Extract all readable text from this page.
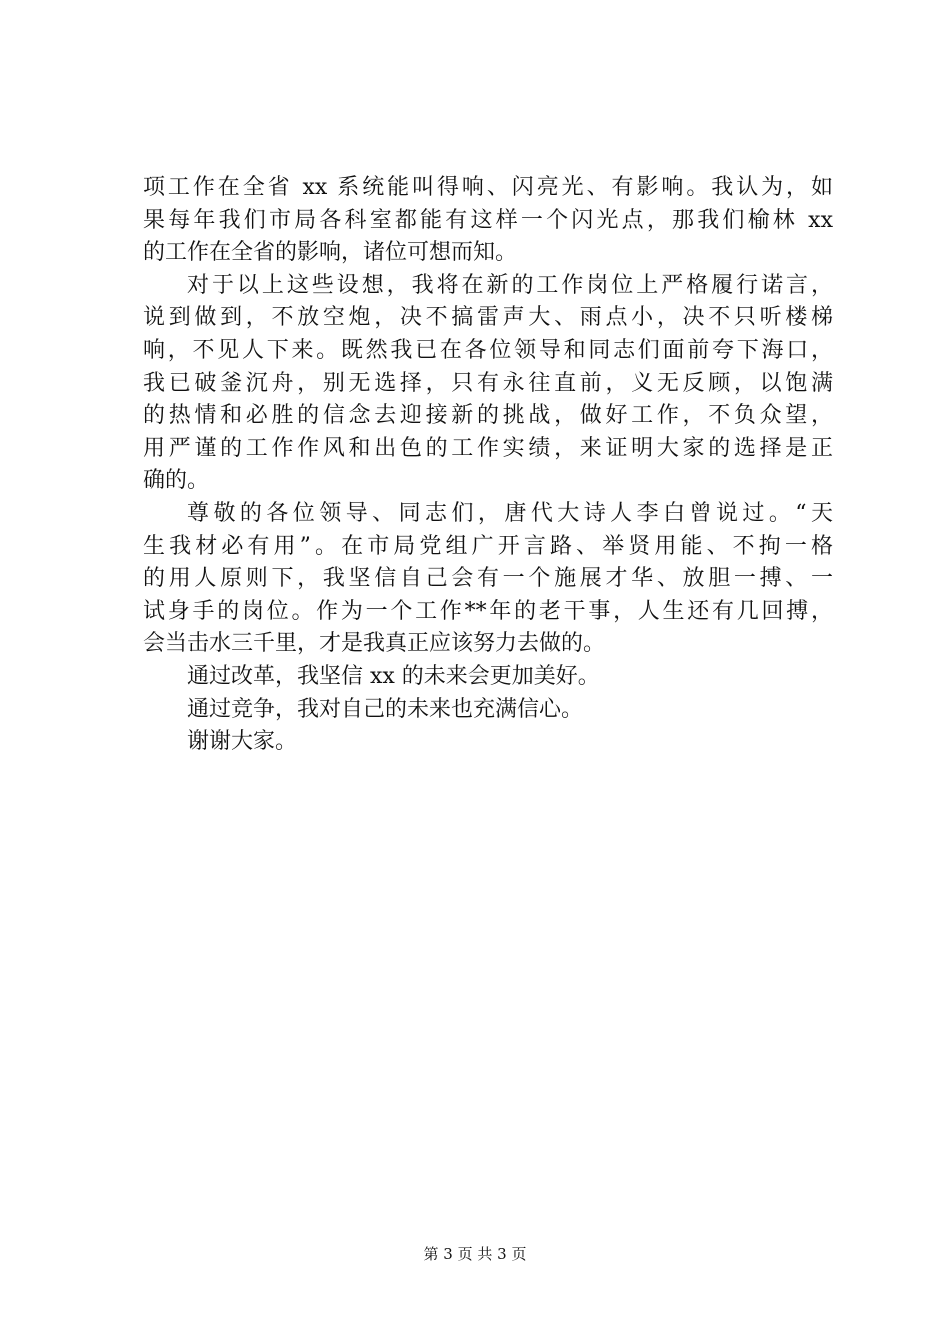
项工作在全省 xx 系统能叫得响、闪亮光、有影响。我认为，如
果每年我们市局各科室都能有这样一个闪光点，那我们榆林 xx
的工作在全省的影响，诸位可想而知。
对于以上这些设想，我将在新的工作岗位上严格履行诺言，
说到做到，不放空炮，决不搞雷声大、雨点小，决不只听楼梯
响，不见人下来。既然我已在各位领导和同志们面前夸下海口，
我已破釜沉舟，别无选择，只有永往直前，义无反顾，以饱满
的热情和必胜的信念去迎接新的挑战，做好工作，不负众望，
用严谨的工作作风和出色的工作实绩，来证明大家的选择是正
确的。
尊敬的各位领导、同志们，唐代大诗人李白曾说过。“天
生我材必有用”。在市局党组广开言路、举贤用能、不拘一格
的用人原则下，我坚信自己会有一个施展才华、放胆一搏、一
试身手的岗位。作为一个工作**年的老干事，人生还有几回搏，
会当击水三千里，才是我真正应该努力去做的。
通过改革，我坚信 xx 的未来会更加美好。
通过竞争，我对自己的未来也充满信心。
谢谢大家。
第 3 页 共 3 页
